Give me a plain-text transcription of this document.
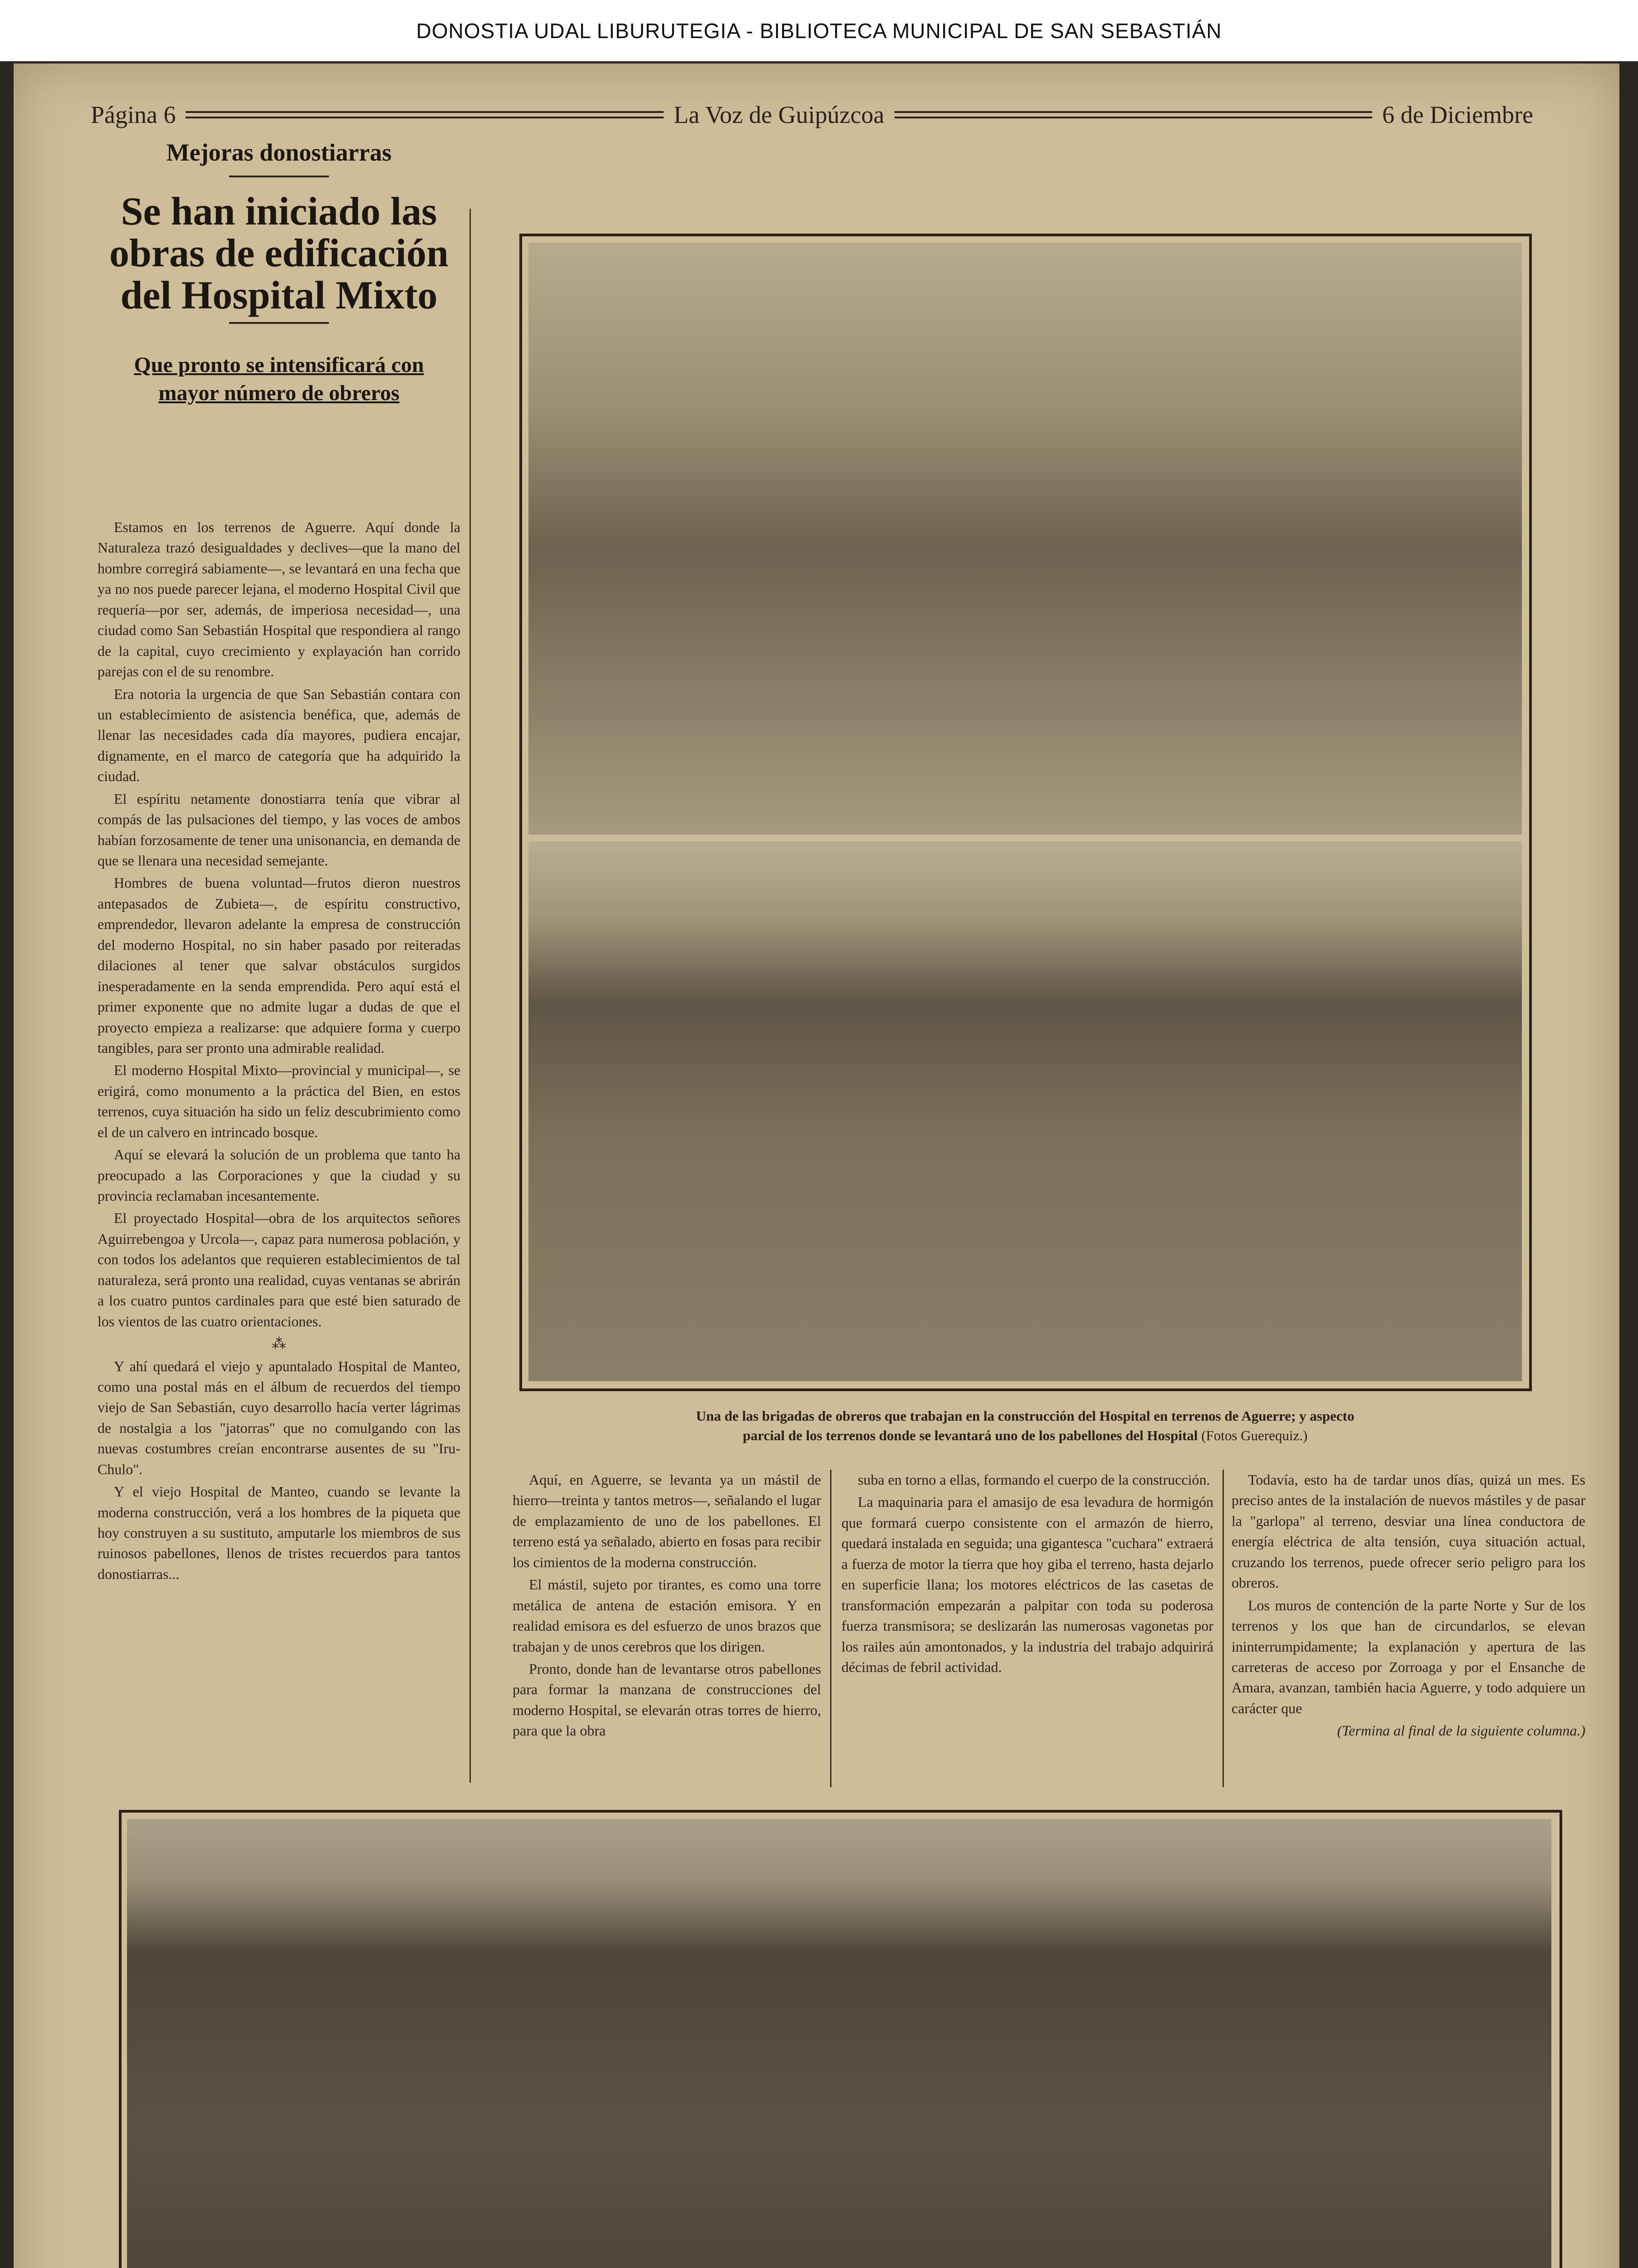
DONOSTIA UDAL LIBURUTEGIA - BIBLIOTECA MUNICIPAL DE SAN SEBASTIÁN
Página 6	La Voz de Guipúzcoa	6 de Diciembre
Mejoras donostiarras
Se han iniciado las obras de edificación del Hospital Mixto
Que pronto se intensificará con mayor número de obreros

Estamos en los terrenos de Aguerre. Aquí donde la Naturaleza trazó desigualdades y declives—que la mano del hombre corregirá sabiamente—, se levantará en una fecha que ya no nos puede parecer lejana, el moderno Hospital Civil que requería—por ser, además, de imperiosa necesidad—, una ciudad como San Sebastián Hospital que respondiera al rango de la capital, cuyo crecimiento y explayación han corrido parejas con el de su renombre.

Era notoria la urgencia de que San Sebastián contara con un establecimiento de asistencia benéfica, que, además de llenar las necesidades cada día mayores, pudiera encajar, dignamente, en el marco de categoría que ha adquirido la ciudad.

El espíritu netamente donostiarra tenía que vibrar al compás de las pulsaciones del tiempo, y las voces de ambos habían forzosamente de tener una unisonancia, en demanda de que se llenara una necesidad semejante.

Hombres de buena voluntad—frutos dieron nuestros antepasados de Zubieta—, de espíritu constructivo, emprendedor, llevaron adelante la empresa de construcción del moderno Hospital, no sin haber pasado por reiteradas dilaciones al tener que salvar obstáculos surgidos inesperadamente en la senda emprendida. Pero aquí está el primer exponente que no admite lugar a dudas de que el proyecto empieza a realizarse: que adquiere forma y cuerpo tangibles, para ser pronto una admirable realidad.

El moderno Hospital Mixto—provincial y municipal—, se erigirá, como monumento a la práctica del Bien, en estos terrenos, cuya situación ha sido un feliz descubrimiento como el de un calvero en intrincado bosque.

Aquí se elevará la solución de un problema que tanto ha preocupado a las Corporaciones y que la ciudad y su provincia reclamaban incesantemente.

El proyectado Hospital—obra de los arquitectos señores Aguirrebengoa y Urcola—, capaz para numerosa población, y con todos los adelantos que requieren establecimientos de tal naturaleza, será pronto una realidad, cuyas ventanas se abrirán a los cuatro puntos cardinales para que esté bien saturado de los vientos de las cuatro orientaciones.

⁂

Y ahí quedará el viejo y apuntalado Hospital de Manteo, como una postal más en el álbum de recuerdos del tiempo viejo de San Sebastián, cuyo desarrollo hacía verter lágrimas de nostalgia a los "jatorras" que no comulgando con las nuevas costumbres creían encontrarse ausentes de su "Iru-Chulo".

Y el viejo Hospital de Manteo, cuando se levante la moderna construcción, verá a los hombres de la piqueta que hoy construyen a su sustituto, amputarle los miembros de sus ruinosos pabellones, llenos de tristes recuerdos para tantos donostiarras...

Una de las brigadas de obreros que trabajan en la construcción del Hospital en terrenos de Aguerre; y aspecto
parcial de los terrenos donde se levantará uno de los pabellones del Hospital (Fotos Guerequiz.)

Aquí, en Aguerre, se levanta ya un mástil de hierro—treinta y tantos metros—, señalando el lugar de emplazamiento de uno de los pabellones. El terreno está ya señalado, abierto en fosas para recibir los cimientos de la moderna construcción.

El mástil, sujeto por tirantes, es como una torre metálica de antena de estación emisora. Y en realidad emisora es del esfuerzo de unos brazos que trabajan y de unos cerebros que los dirigen.

Pronto, donde han de levantarse otros pabellones para formar la manzana de construcciones del moderno Hospital, se elevarán otras torres de hierro, para que la obra

suba en torno a ellas, formando el cuerpo de la construcción.

La maquinaria para el amasijo de esa levadura de hormigón que formará cuerpo consistente con el armazón de hierro, quedará instalada en seguida; una gigantesca "cuchara" extraerá a fuerza de motor la tierra que hoy giba el terreno, hasta dejarlo en superficie llana; los motores eléctricos de las casetas de transformación empezarán a palpitar con toda su poderosa fuerza transmisora; se deslizarán las numerosas vagonetas por los railes aún amontonados, y la industria del trabajo adquirirá décimas de febril actividad.

Todavía, esto ha de tardar unos días, quizá un mes. Es preciso antes de la instalación de nuevos mástiles y de pasar la "garlopa" al terreno, desviar una línea conductora de energía eléctrica de alta tensión, cuya situación actual, cruzando los terrenos, puede ofrecer serio peligro para los obreros.

Los muros de contención de la parte Norte y Sur de los terrenos y los que han de circundarlos, se elevan ininterrumpidamente; la explanación y apertura de las carreteras de acceso por Zorroaga y por el Ensanche de Amara, avanzan, también hacia Aguerre, y todo adquiere un carácter que

(Termina al final de la siguiente columna.)
